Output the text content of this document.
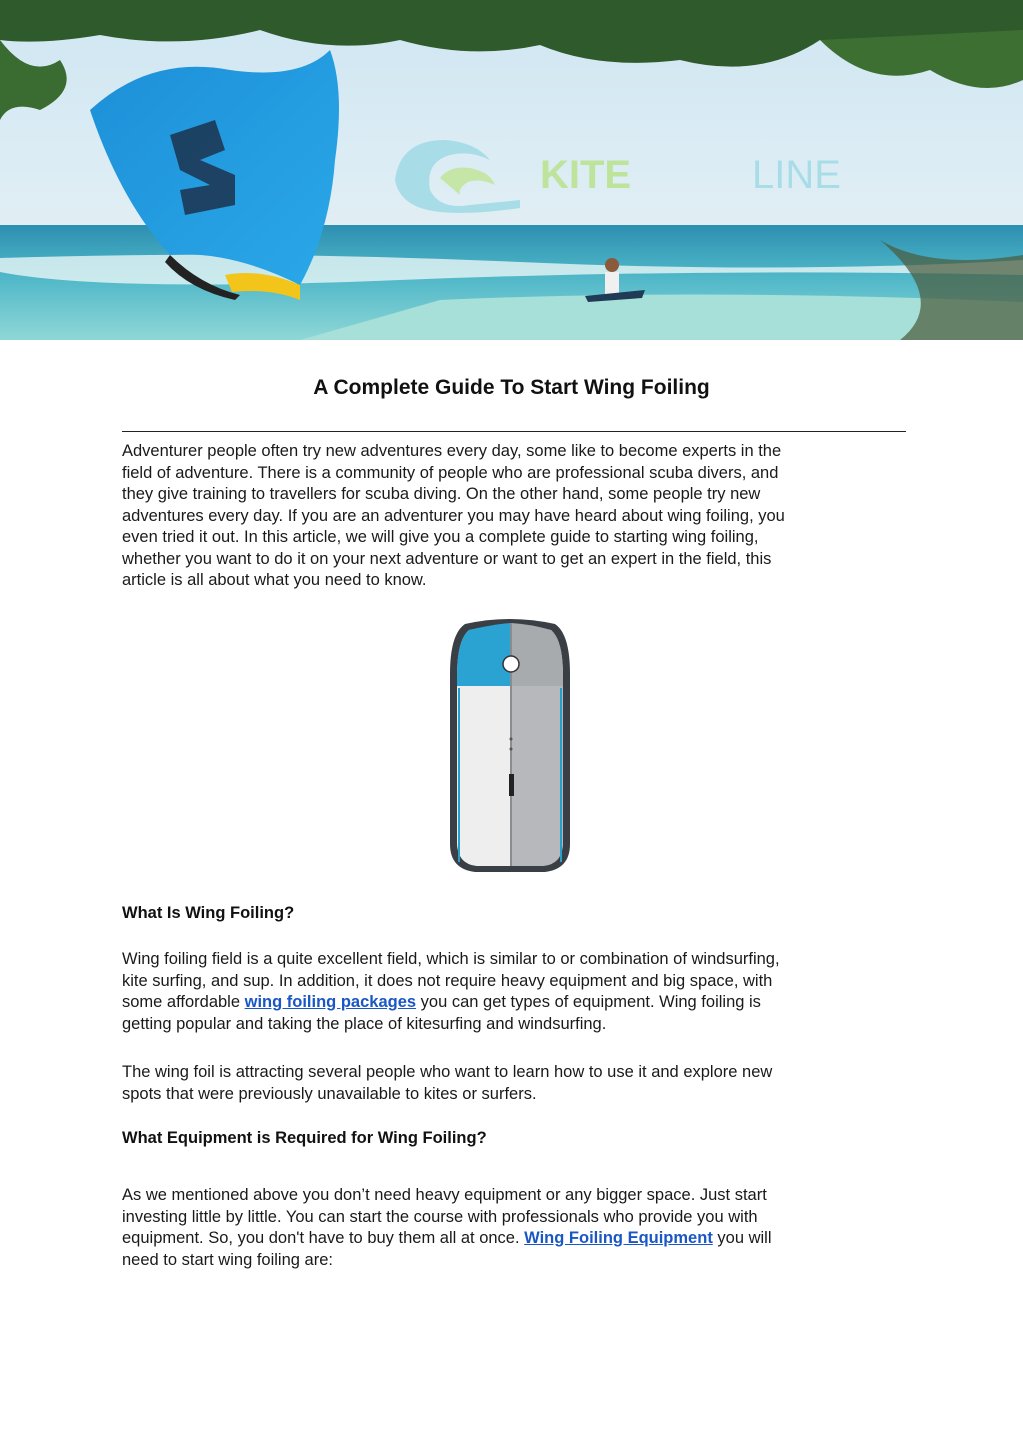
KITE	LINE
A Complete Guide To Start Wing Foiling

Adventurer people often try new adventures every day, some like to become experts in the
field of adventure. There is a community of people who are professional scuba divers, and
they give training to travellers for scuba diving. On the other hand, some people try new
adventures every day. If you are an adventurer you may have heard about wing foiling, you
even tried it out. In this article, we will give you a complete guide to starting wing foiling,
whether you want to do it on your next adventure or want to get an expert in the field, this
article is all about what you need to know.

What Is Wing Foiling?

Wing foiling field is a quite excellent field, which is similar to or combination of windsurfing,
kite surfing, and sup. In addition, it does not require heavy equipment and big space, with
some affordable wing foiling packages you can get types of equipment. Wing foiling is
getting popular and taking the place of kitesurfing and windsurfing.

The wing foil is attracting several people who want to learn how to use it and explore new
spots that were previously unavailable to kites or surfers.

What Equipment is Required for Wing Foiling?

As we mentioned above you don’t need heavy equipment or any bigger space. Just start
investing little by little. You can start the course with professionals who provide you with
equipment. So, you don't have to buy them all at once. Wing Foiling Equipment you will
need to start wing foiling are:
